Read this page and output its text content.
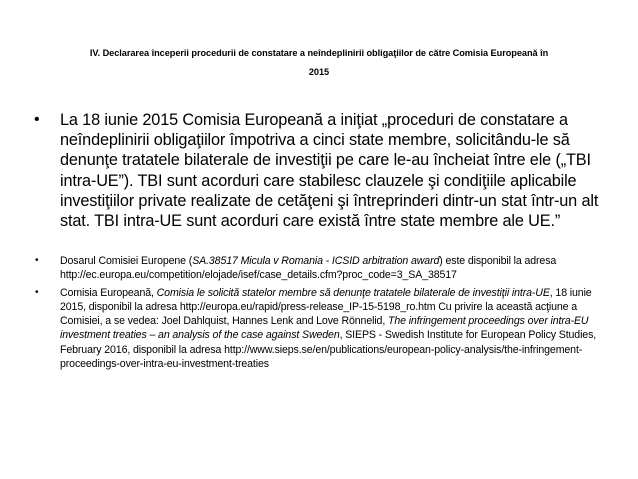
IV. Declararea începerii procedurii de constatare a neîndeplinirii obligaţiilor de către Comisia Europeană în
2015
• La 18 iunie 2015 Comisia Europeană a iniţiat „proceduri de constatare a neîndeplinirii obligaţiilor împotriva a cinci state membre, solicitându-le să denunţe tratatele bilaterale de investiţii pe care le-au încheiat între ele („TBI intra-UE”). TBI sunt acorduri care stabilesc clauzele şi condiţiile aplicabile investiţiilor private realizate de cetăţeni şi întreprinderi dintr-un stat într-un alt stat. TBI intra-UE sunt acorduri care există între state membre ale UE.”
• Dosarul Comisiei Europene (SA.38517 Micula v Romania - ICSID arbitration award) este disponibil la adresa http://ec.europa.eu/competition/elojade/isef/case_details.cfm?proc_code=3_SA_38517
• Comisia Europeană, Comisia le solicită statelor membre să denunţe tratatele bilaterale de investiţii intra-UE, 18 iunie 2015, disponibil la adresa http://europa.eu/rapid/press-release_IP-15-5198_ro.htm Cu privire la această acţiune a Comisiei, a se vedea: Joel Dahlquist, Hannes Lenk and Love Rönnelid, The infringement proceedings over intra-EU investment treaties – an analysis of the case against Sweden, SIEPS - Swedish Institute for European Policy Studies, February 2016, disponibil la adresa http://www.sieps.se/en/publications/european-policy-analysis/the-infringement-proceedings-over-intra-eu-investment-treaties
